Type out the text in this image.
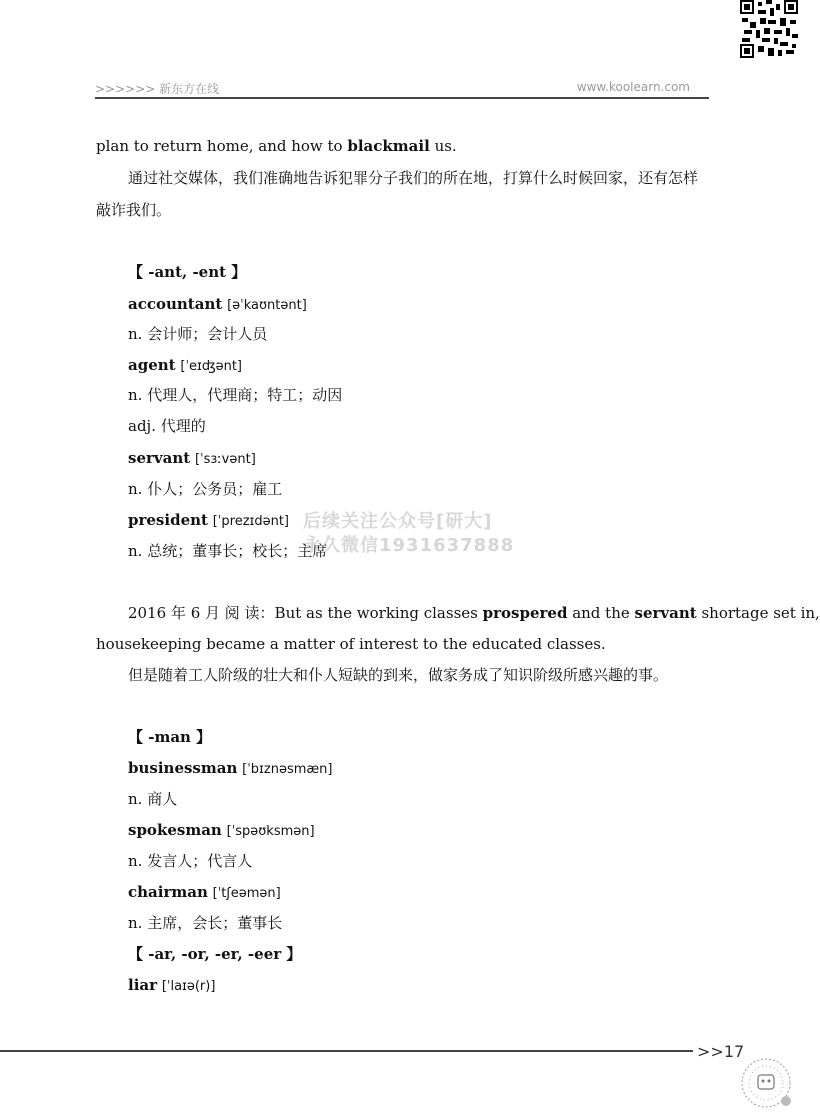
>>>>>> 新东方在线	www.koolearn.com
plan to return home, and how to blackmail us.
通过社交媒体，我们准确地告诉犯罪分子我们的所在地，打算什么时候回家，还有怎样
敲诈我们。
【 -ant, -ent 】
accountant [əˈkaʊntənt]
n. 会计师；会计人员
agent [ˈeɪʤənt]
n. 代理人，代理商；特工；动因
adj. 代理的
servant [ˈsɜːvənt]
n. 仆人；公务员；雇工
president [ˈprezɪdənt]
n. 总统；董事长；校长；主席
后续关注公众号[研大]
永久微信1931637888
2016 年 6 月 阅 读：But as the working classes prospered and the servant shortage set in,
housekeeping became a matter of interest to the educated classes.
但是随着工人阶级的壮大和仆人短缺的到来，做家务成了知识阶级所感兴趣的事。
【 -man 】
businessman [ˈbɪznəsmæn]
n. 商人
spokesman [ˈspəʊksmən]
n. 发言人；代言人
chairman [ˈtʃeəmən]
n. 主席，会长；董事长
【 -ar, -or, -er, -eer 】
liar [ˈlaɪə(r)]
>>17
